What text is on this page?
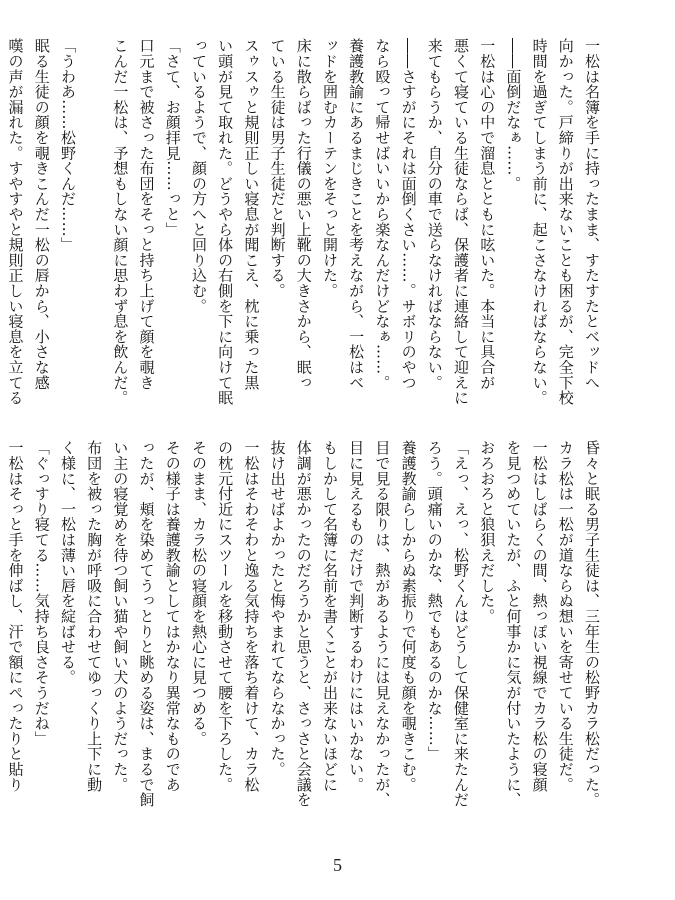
一松は名簿を手に持ったまま、すたすたとベッドへ
向かった。戸締りが出来ないことも困るが、完全下校
時間を過ぎてしまう前に、起こさなければならない。
――面倒だなぁ……。
一松は心の中で溜息とともに呟いた。本当に具合が
悪くて寝ている生徒ならば、保護者に連絡して迎えに
来てもらうか、自分の車で送らなければならない。
――さすがにそれは面倒くさい……。サボリのやつ
なら殴って帰せばいいから楽なんだけどなぁ……。
養護教諭にあるまじきことを考えながら、一松はベ
ッドを囲むカーテンをそっと開けた。
床に散らばった行儀の悪い上靴の大きさから、眠っ
ている生徒は男子生徒だと判断する。
スゥスゥと規則正しい寝息が聞こえ、枕に乗った黒
い頭が見て取れた。どうやら体の右側を下に向けて眠
っているようで、顔の方へと回り込む。
「さて、お顔拝見……っと」
口元まで被さった布団をそっと持ち上げて顔を覗き
こんだ一松は、予想もしない顔に思わず息を飲んだ。

「うわあ……松野くんだ……」
眠る生徒の顔を覗きこんだ一松の唇から、小さな感
嘆の声が漏れた。すやすやと規則正しい寝息を立てる
昏々と眠る男子生徒は、三年生の松野カラ松だった。
カラ松は一松が道ならぬ想いを寄せている生徒だ。
一松はしばらくの間、熱っぽい視線でカラ松の寝顔
を見つめていたが、ふと何事かに気が付いたように、
おろおろと狼狽えだした。
「えっ、えっ、松野くんはどうして保健室に来たんだ
ろう。頭痛いのかな、熱でもあるのかな……」
養護教諭らしからぬ素振りで何度も顔を覗きこむ。
目で見る限りは、熱があるようには見えなかったが、
目に見えるものだけで判断するわけにはいかない。
もしかして名簿に名前を書くことが出来ないほどに
体調が悪かったのだろうかと思うと、さっさと会議を
抜け出せばよかったと悔やまれてならなかった。
一松はそわそわと逸る気持ちを落ち着けて、カラ松
の枕元付近にスツールを移動させて腰を下ろした。
そのまま、カラ松の寝顔を熱心に見つめる。
その様子は養護教諭としてはかなり異常なものであ
ったが、頬を染めてうっとりと眺める姿は、まるで飼
い主の寝覚めを待つ飼い猫や飼い犬のようだった。
布団を被った胸が呼吸に合わせてゆっくり上下に動
く様に、一松は薄い唇を綻ばせる。
「ぐっすり寝てる……気持ち良さそうだね」
一松はそっと手を伸ばし、汗で額にぺったりと貼り
5
